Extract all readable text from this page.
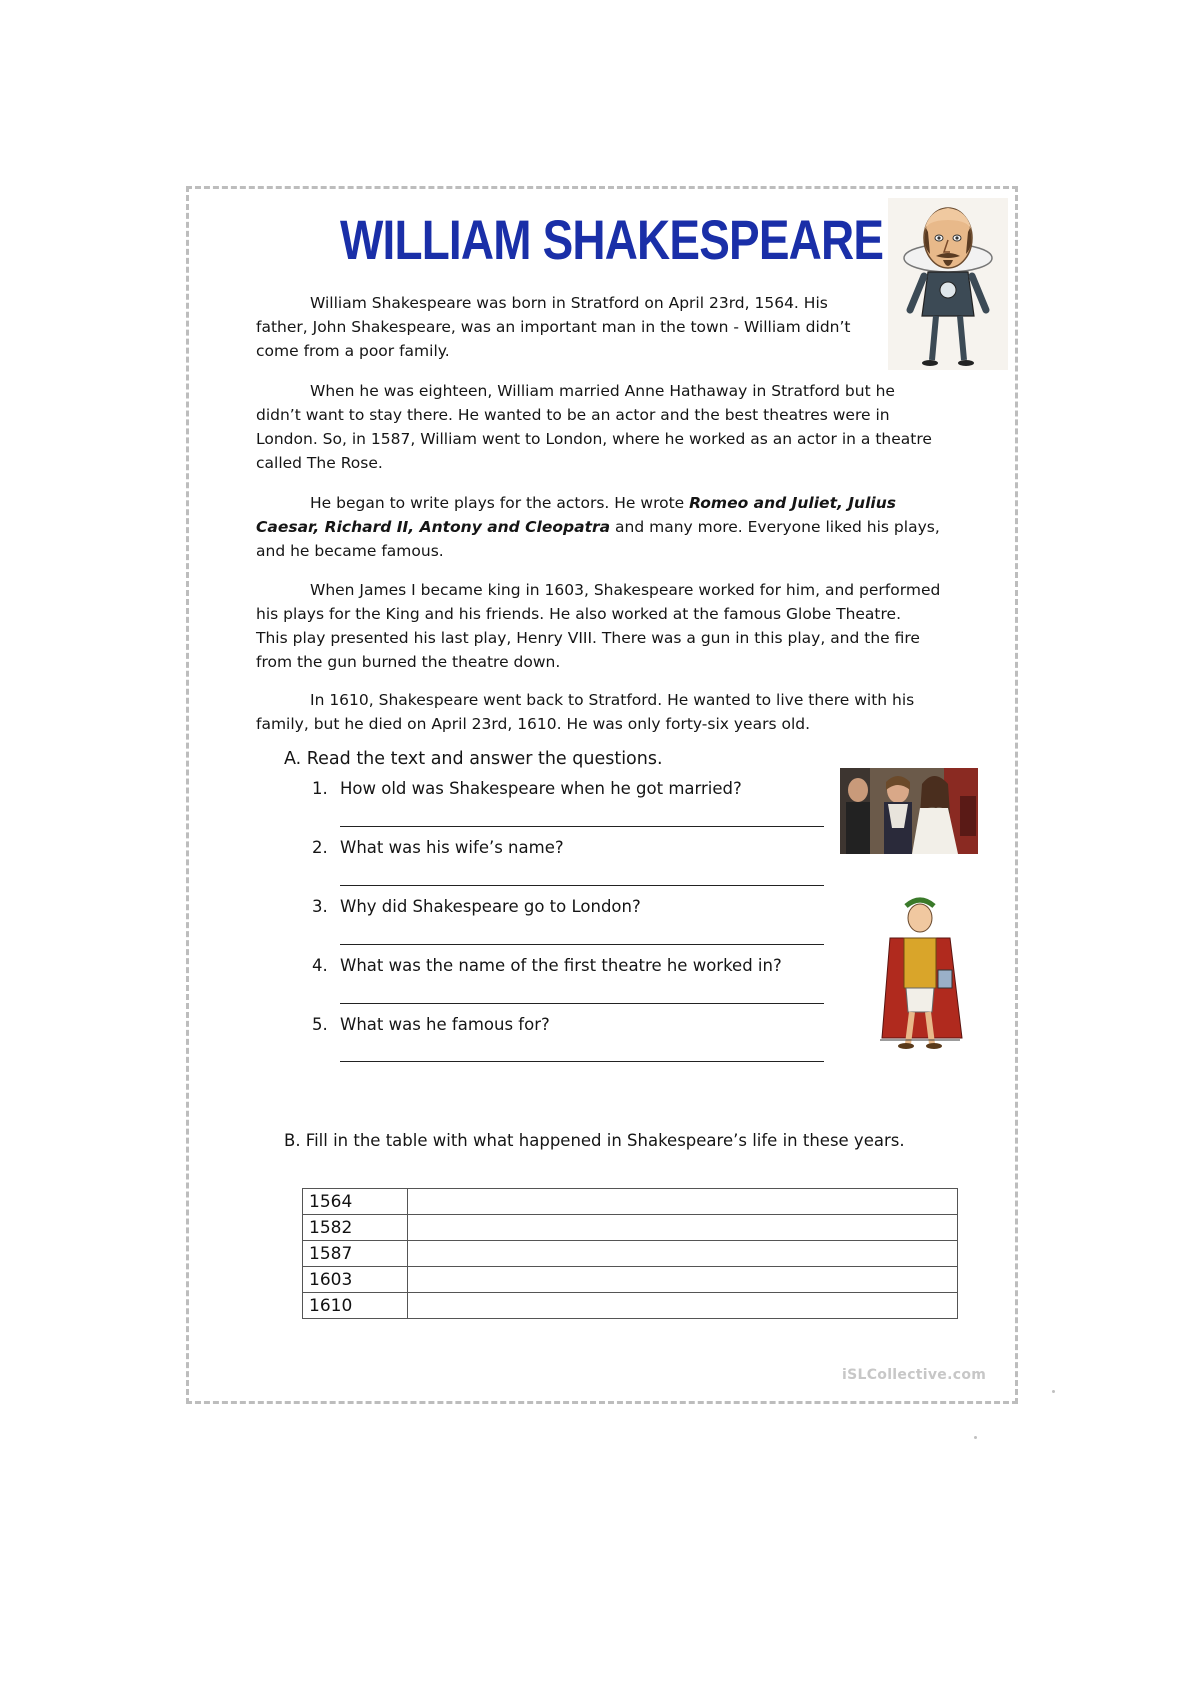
WILLIAM SHAKESPEARE
William Shakespeare was born in Stratford on April 23rd, 1564. His
father, John Shakespeare, was an important man in the town - William didn’t
come from a poor family.
When he was eighteen, William married Anne Hathaway in Stratford but he
didn’t want to stay there. He wanted to be an actor and the best theatres were in
London. So, in 1587, William went to London, where he worked as an actor in a theatre
called The Rose.
He began to write plays for the actors. He wrote Romeo and Juliet, Julius
Caesar, Richard II, Antony and Cleopatra and many more. Everyone liked his plays,
and he became famous.
When James I became king in 1603, Shakespeare worked for him, and performed
his plays for the King and his friends. He also worked at the famous Globe Theatre.
This play presented his last play, Henry VIII. There was a gun in this play, and the fire
from the gun burned the theatre down.
In 1610, Shakespeare went back to Stratford. He wanted to live there with his
family, but he died on April 23rd, 1610. He was only forty-six years old.
A. Read the text and answer the questions.
1. How old was Shakespeare when he got married?
2. What was his wife’s name?
3. Why did Shakespeare go to London?
4. What was the name of the first theatre he worked in?
5. What was he famous for?
B. Fill in the table with what happened in Shakespeare’s life in these years.
1564	
1582	
1587	
1603	
1610	
iSLCollective.com
